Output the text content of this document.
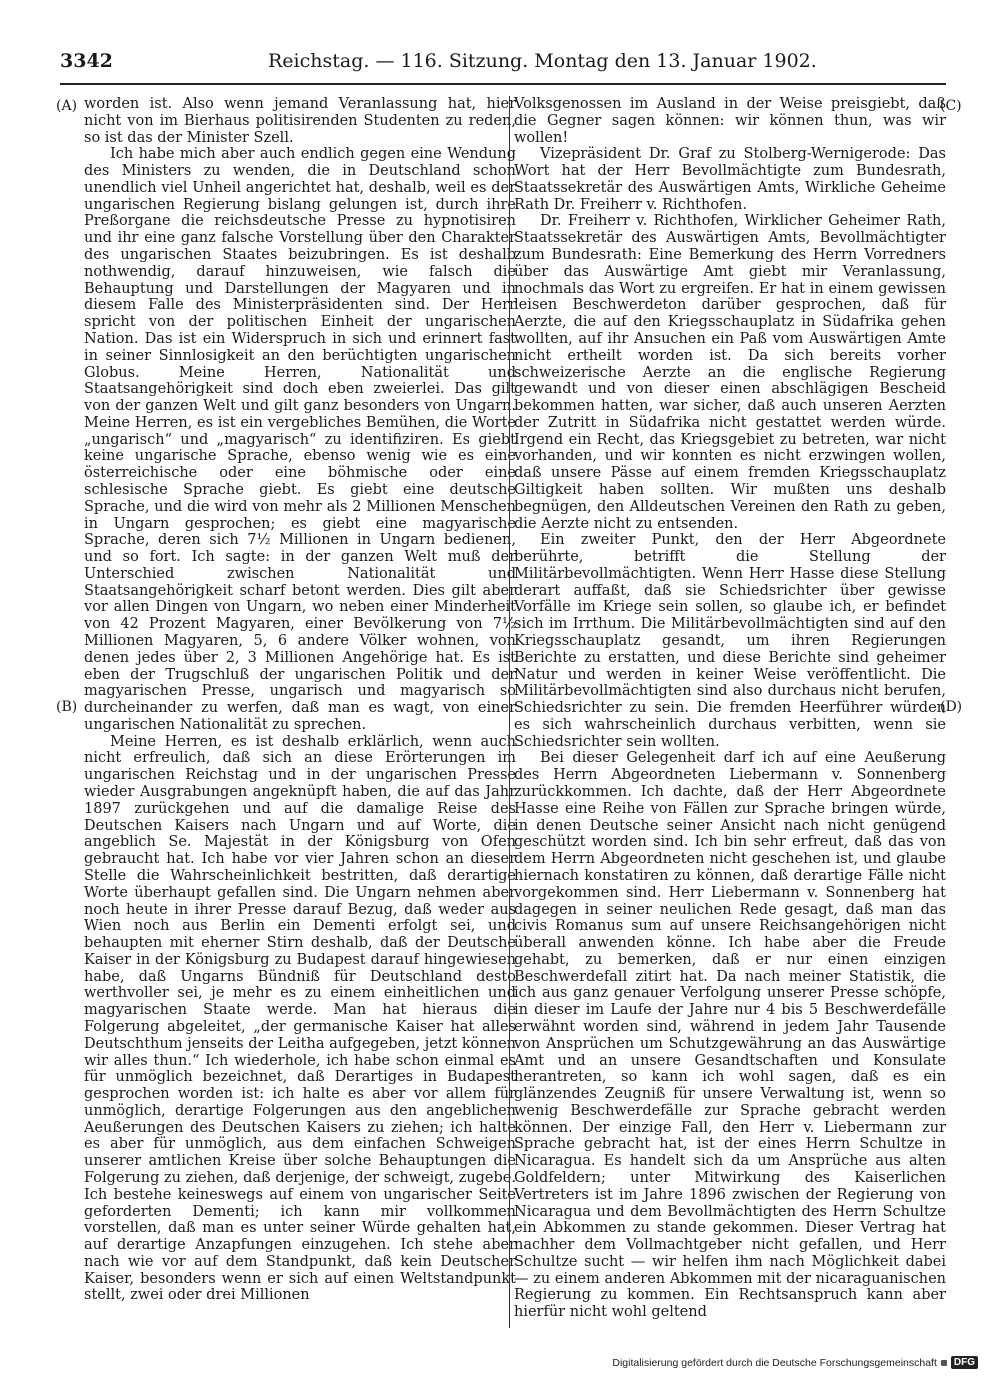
3342	Reichstag. — 116. Sitzung. Montag den 13. Januar 1902.
(A)
(B)
(C)
(D)

worden ist. Also wenn jemand Veranlassung hat, hier nicht von im Bierhaus politisirenden Studenten zu reden, so ist das der Minister Szell.

Ich habe mich aber auch endlich gegen eine Wendung des Ministers zu wenden, die in Deutschland schon unendlich viel Unheil angerichtet hat, deshalb, weil es der ungarischen Regierung bislang gelungen ist, durch ihre Preßorgane die reichsdeutsche Presse zu hypnotisiren und ihr eine ganz falsche Vorstellung über den Charakter des ungarischen Staates beizubringen. Es ist deshalb nothwendig, darauf hinzuweisen, wie falsch die Behauptung und Darstellungen der Magyaren und in diesem Falle des Ministerpräsidenten sind. Der Herr spricht von der politischen Einheit der ungarischen Nation. Das ist ein Widerspruch in sich und erinnert fast in seiner Sinnlosigkeit an den berüchtigten ungarischen Globus. Meine Herren, Nationalität und Staatsangehörigkeit sind doch eben zweierlei. Das gilt von der ganzen Welt und gilt ganz besonders von Ungarn. Meine Herren, es ist ein vergebliches Bemühen, die Worte „ungarisch“ und „magyarisch“ zu identifiziren. Es giebt keine ungarische Sprache, ebenso wenig wie es eine österreichische oder eine böhmische oder eine schlesische Sprache giebt. Es giebt eine deutsche Sprache, und die wird von mehr als 2 Millionen Menschen in Ungarn gesprochen; es giebt eine magyarische Sprache, deren sich 7½ Millionen in Ungarn bedienen, und so fort. Ich sagte: in der ganzen Welt muß der Unterschied zwischen Nationalität und Staatsangehörigkeit scharf betont werden. Dies gilt aber vor allen Dingen von Ungarn, wo neben einer Minderheit von 42 Prozent Magyaren, einer Bevölkerung von 7½ Millionen Magyaren, 5, 6 andere Völker wohnen, von denen jedes über 2, 3 Millionen Angehörige hat. Es ist eben der Trugschluß der ungarischen Politik und der magyarischen Presse, ungarisch und magyarisch so durcheinander zu werfen, daß man es wagt, von einer ungarischen Nationalität zu sprechen.

Meine Herren, es ist deshalb erklärlich, wenn auch nicht erfreulich, daß sich an diese Erörterungen im ungarischen Reichstag und in der ungarischen Presse wieder Ausgrabungen angeknüpft haben, die auf das Jahr 1897 zurückgehen und auf die damalige Reise des Deutschen Kaisers nach Ungarn und auf Worte, die angeblich Se. Majestät in der Königsburg von Ofen gebraucht hat. Ich habe vor vier Jahren schon an dieser Stelle die Wahrscheinlichkeit bestritten, daß derartige Worte überhaupt gefallen sind. Die Ungarn nehmen aber noch heute in ihrer Presse darauf Bezug, daß weder aus Wien noch aus Berlin ein Dementi erfolgt sei, und behaupten mit eherner Stirn deshalb, daß der Deutsche Kaiser in der Königsburg zu Budapest darauf hingewiesen habe, daß Ungarns Bündniß für Deutschland desto werthvoller sei, je mehr es zu einem einheitlichen und magyarischen Staate werde. Man hat hieraus die Folgerung abgeleitet, „der germanische Kaiser hat alles Deutschthum jenseits der Leitha aufgegeben, jetzt können wir alles thun.“ Ich wiederhole, ich habe schon einmal es für unmöglich bezeichnet, daß Derartiges in Budapest gesprochen worden ist: ich halte es aber vor allem für unmöglich, derartige Folgerungen aus den angeblichen Aeußerungen des Deutschen Kaisers zu ziehen; ich halte es aber für unmöglich, aus dem einfachen Schweigen unserer amtlichen Kreise über solche Behauptungen die Folgerung zu ziehen, daß derjenige, der schweigt, zugebe. Ich bestehe keineswegs auf einem von ungarischer Seite geforderten Dementi; ich kann mir vollkommen vorstellen, daß man es unter seiner Würde gehalten hat, auf derartige Anzapfungen einzugehen. Ich stehe aber nach wie vor auf dem Standpunkt, daß kein Deutscher Kaiser, besonders wenn er sich auf einen Weltstandpunkt stellt, zwei oder drei Millionen

Volksgenossen im Ausland in der Weise preisgiebt, daß die Gegner sagen können: wir können thun, was wir wollen!

Vizepräsident Dr. Graf zu Stolberg-Wernigerode: Das Wort hat der Herr Bevollmächtigte zum Bundesrath, Staatssekretär des Auswärtigen Amts, Wirkliche Geheime Rath Dr. Freiherr v. Richthofen.

Dr. Freiherr v. Richthofen, Wirklicher Geheimer Rath, Staatssekretär des Auswärtigen Amts, Bevollmächtigter zum Bundesrath: Eine Bemerkung des Herrn Vorredners über das Auswärtige Amt giebt mir Veranlassung, nochmals das Wort zu ergreifen. Er hat in einem gewissen leisen Beschwerdeton darüber gesprochen, daß für Aerzte, die auf den Kriegsschauplatz in Südafrika gehen wollten, auf ihr Ansuchen ein Paß vom Auswärtigen Amte nicht ertheilt worden ist. Da sich bereits vorher schweizerische Aerzte an die englische Regierung gewandt und von dieser einen abschlägigen Bescheid bekommen hatten, war sicher, daß auch unseren Aerzten der Zutritt in Südafrika nicht gestattet werden würde. Irgend ein Recht, das Kriegsgebiet zu betreten, war nicht vorhanden, und wir konnten es nicht erzwingen wollen, daß unsere Pässe auf einem fremden Kriegsschauplatz Giltigkeit haben sollten. Wir mußten uns deshalb begnügen, den Alldeutschen Vereinen den Rath zu geben, die Aerzte nicht zu entsenden.

Ein zweiter Punkt, den der Herr Abgeordnete berührte, betrifft die Stellung der Militärbevollmächtigten. Wenn Herr Hasse diese Stellung derart auffaßt, daß sie Schiedsrichter über gewisse Vorfälle im Kriege sein sollen, so glaube ich, er befindet sich im Irrthum. Die Militärbevollmächtigten sind auf den Kriegsschauplatz gesandt, um ihren Regierungen Berichte zu erstatten, und diese Berichte sind geheimer Natur und werden in keiner Weise veröffentlicht. Die Militärbevollmächtigten sind also durchaus nicht berufen, Schiedsrichter zu sein. Die fremden Heerführer würden es sich wahrscheinlich durchaus verbitten, wenn sie Schiedsrichter sein wollten.

Bei dieser Gelegenheit darf ich auf eine Aeußerung des Herrn Abgeordneten Liebermann v. Sonnenberg zurückkommen. Ich dachte, daß der Herr Abgeordnete Hasse eine Reihe von Fällen zur Sprache bringen würde, in denen Deutsche seiner Ansicht nach nicht genügend geschützt worden sind. Ich bin sehr erfreut, daß das von dem Herrn Abgeordneten nicht geschehen ist, und glaube hiernach konstatiren zu können, daß derartige Fälle nicht vorgekommen sind. Herr Liebermann v. Sonnenberg hat dagegen in seiner neulichen Rede gesagt, daß man das civis Romanus sum auf unsere Reichsangehörigen nicht überall anwenden könne. Ich habe aber die Freude gehabt, zu bemerken, daß er nur einen einzigen Beschwerdefall zitirt hat. Da nach meiner Statistik, die ich aus ganz genauer Verfolgung unserer Presse schöpfe, in dieser im Laufe der Jahre nur 4 bis 5 Beschwerdefälle erwähnt worden sind, während in jedem Jahr Tausende von Ansprüchen um Schutzgewährung an das Auswärtige Amt und an unsere Gesandtschaften und Konsulate herantreten, so kann ich wohl sagen, daß es ein glänzendes Zeugniß für unsere Verwaltung ist, wenn so wenig Beschwerdefälle zur Sprache gebracht werden können. Der einzige Fall, den Herr v. Liebermann zur Sprache gebracht hat, ist der eines Herrn Schultze in Nicaragua. Es handelt sich da um Ansprüche aus alten Goldfeldern; unter Mitwirkung des Kaiserlichen Vertreters ist im Jahre 1896 zwischen der Regierung von Nicaragua und dem Bevollmächtigten des Herrn Schultze ein Abkommen zu stande gekommen. Dieser Vertrag hat nachher dem Vollmachtgeber nicht gefallen, und Herr Schultze sucht — wir helfen ihm nach Möglichkeit dabei — zu einem anderen Abkommen mit der nicaraguanischen Regierung zu kommen. Ein Rechtsanspruch kann aber hierfür nicht wohl geltend

Digitalisierung gefördert durch die Deutsche Forschungsgemeinschaft	DFG
